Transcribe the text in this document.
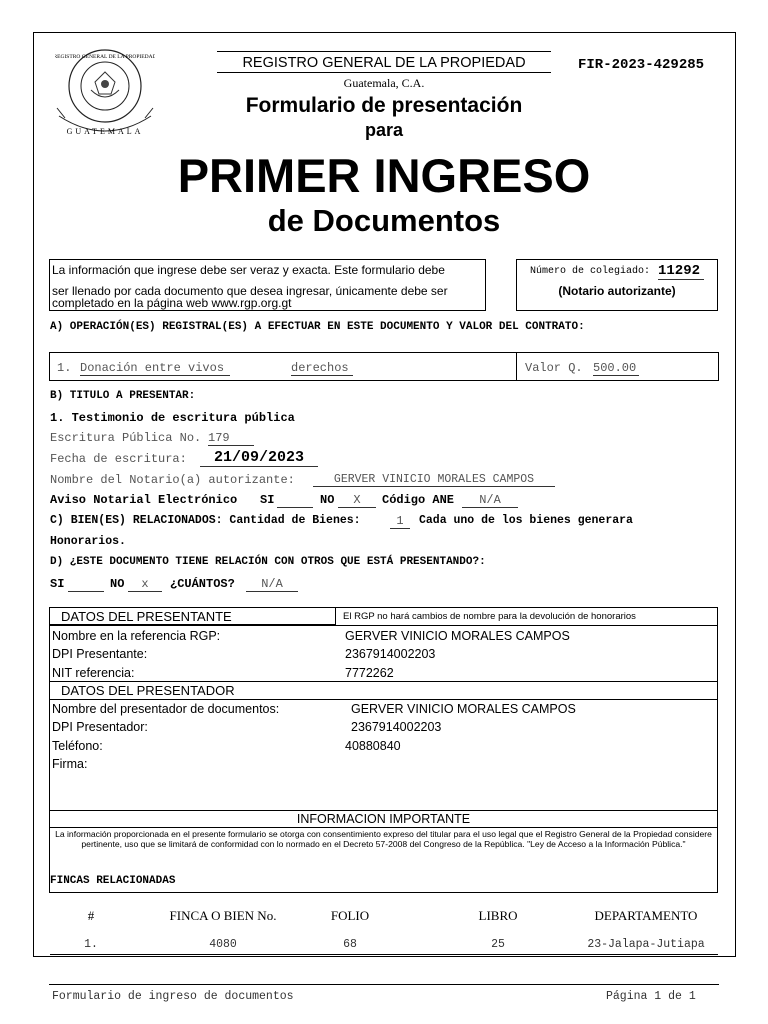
GUATEMALA
REGISTRO GENERAL DE LA PROPIEDAD	REGISTRO GENERAL DE LA PROPIEDAD
Guatemala, C.A.
FIR-2023-429285
Formulario de presentación
para
PRIMER INGRESO
de Documentos
La información que ingrese debe ser veraz y exacta. Este formulario debe
ser llenado por cada documento que desea ingresar, únicamente debe ser
completado en la página web www.rgp.org.gt
Número de colegiado: 11292
(Notario autorizante)
A) OPERACIÓN(ES) REGISTRAL(ES) A EFECTUAR EN ESTE DOCUMENTO Y VALOR DEL CONTRATO:
1. Donación entre vivos	derechos	Valor Q. 500.00
B) TITULO A PRESENTAR:
1. Testimonio de escritura pública
Escritura Pública No. 179
Fecha de escritura:	21/09/2023
Nombre del Notario(a) autorizante:	GERVER VINICIO MORALES CAMPOS
Aviso Notarial Electrónico SI	NO	X	Código ANE	N/A
C) BIEN(ES) RELACIONADOS: Cantidad de Bienes:	1	Cada uno de los bienes generara
Honorarios.
D) ¿ESTE DOCUMENTO TIENE RELACIÓN CON OTROS QUE ESTÁ PRESENTANDO?:
SI	NO	x	¿CUÁNTOS?	N/A
DATOS DEL PRESENTANTE	El RGP no hará cambios de nombre para la devolución de honorarios
Nombre en la referencia RGP:	GERVER VINICIO MORALES CAMPOS
DPI Presentante:	2367914002203
NIT referencia:	7772262
DATOS DEL PRESENTADOR
Nombre del presentador de documentos:	GERVER VINICIO MORALES CAMPOS
DPI Presentador:	2367914002203
Teléfono:	40880840
Firma:
INFORMACION IMPORTANTE
La información proporcionada en el presente formulario se otorga con consentimiento expreso del titular para el uso legal que el Registro General de la Propiedad considere pertinente, uso que se limitará de conformidad con lo normado en el Decreto 57-2008 del Congreso de la República. "Ley de Acceso a la Información Pública."
FINCAS RELACIONADAS
#	FINCA O BIEN No.	FOLIO	LIBRO	DEPARTAMENTO
1.	4080	68	25	23-Jalapa-Jutiapa
Formulario de ingreso de documentos	Página 1 de 1
